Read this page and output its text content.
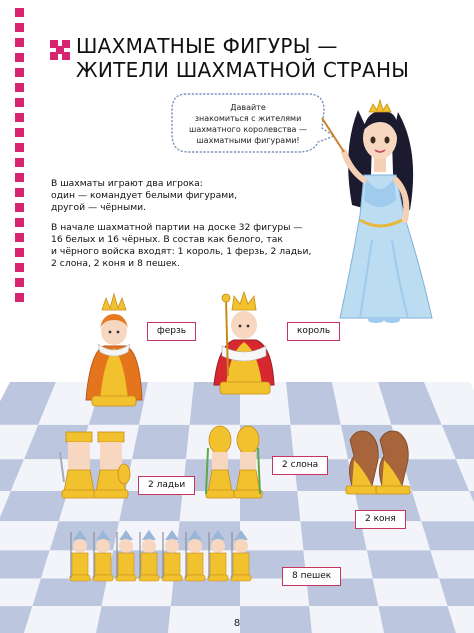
ШАХМАТНЫЕ ФИГУРЫ —
ЖИТЕЛИ ШАХМАТНОЙ СТРАНЫ
Давайте
знакомиться с жителями
шахматного королевства —
шахматными фигурами!

В шахматы играют два игрока:
один — командует белыми фигурами,
другой — чёрными.

В начале шахматной партии на доске 32 фигуры —
16 белых и 16 чёрных. В состав как белого, так
и чёрного войска входят: 1 король, 1 ферзь, 2 ладьи,
2 слона, 2 коня и 8 пешек.

ферзь	король
2 ладьи
2 слона
2 коня
8 пешек
8
